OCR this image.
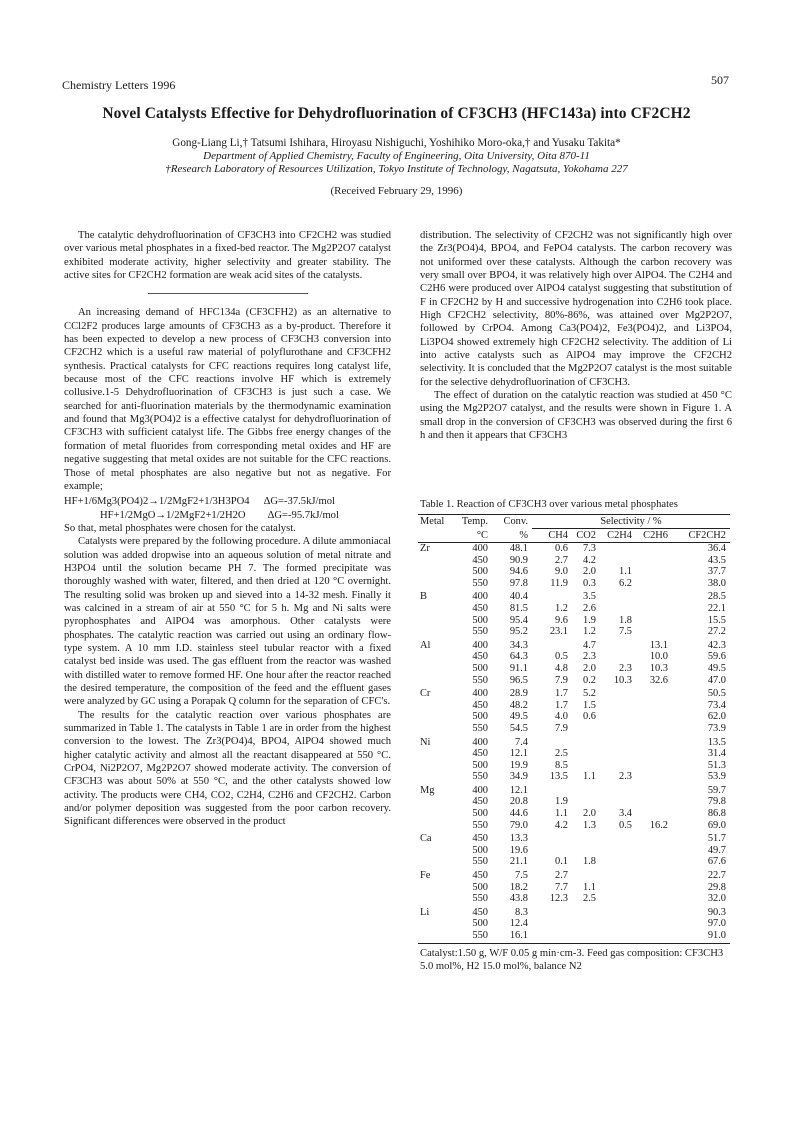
Chemistry Letters 1996	507
Novel Catalysts Effective for Dehydrofluorination of CF3CH3 (HFC143a) into CF2CH2
Gong-Liang Li,† Tatsumi Ishihara, Hiroyasu Nishiguchi, Yoshihiko Moro-oka,† and Yusaku Takita*
Department of Applied Chemistry, Faculty of Engineering, Oita University, Oita 870-11
†Research Laboratory of Resources Utilization, Tokyo Institute of Technology, Nagatsuta, Yokohama 227
(Received February 29, 1996)

The catalytic dehydrofluorination of CF3CH3 into CF2CH2 was studied over various metal phosphates in a fixed-bed reactor. The Mg2P2O7 catalyst exhibited moderate activity, higher selectivity and greater stability. The active sites for CF2CH2 formation are weak acid sites of the catalysts.

An increasing demand of HFC134a (CF3CFH2) as an alternative to CCl2F2 produces large amounts of CF3CH3 as a by-product. Therefore it has been expected to develop a new process of CF3CH3 conversion into CF2CH2 which is a useful raw material of polyflurothane and CF3CFH2 synthesis. Practical catalysts for CFC reactions requires long catalyst life, because most of the CFC reactions involve HF which is extremely collusive.1-5 Dehydrofluorination of CF3CH3 is just such a case. We searched for anti-fluorination materials by the thermodynamic examination and found that Mg3(PO4)2 is a effective catalyst for dehydrofluorination of CF3CH3 with sufficient catalyst life. The Gibbs free energy changes of the formation of metal fluorides from corresponding metal oxides and HF are negative suggesting that metal oxides are not suitable for the CFC reactions. Those of metal phosphates are also negative but not as negative. For example;

HF+1/6Mg3(PO4)2→1/2MgF2+1/3H3PO4 ΔG=-37.5kJ/mol
HF+1/2MgO→1/2MgF2+1/2H2O ΔG=-95.7kJ/mol

So that, metal phosphates were chosen for the catalyst.

Catalysts were prepared by the following procedure. A dilute ammoniacal solution was added dropwise into an aqueous solution of metal nitrate and H3PO4 until the solution became PH 7. The formed precipitate was thoroughly washed with water, filtered, and then dried at 120 °C overnight. The resulting solid was broken up and sieved into a 14-32 mesh. Finally it was calcined in a stream of air at 550 °C for 5 h. Mg and Ni salts were pyrophosphates and AlPO4 was amorphous. Other catalysts were phosphates. The catalytic reaction was carried out using an ordinary flow-type system. A 10 mm I.D. stainless steel tubular reactor with a fixed catalyst bed inside was used. The gas effluent from the reactor was washed with distilled water to remove formed HF. One hour after the reactor reached the desired temperature, the composition of the feed and the effluent gases were analyzed by GC using a Porapak Q column for the separation of CFC's.

The results for the catalytic reaction over various phosphates are summarized in Table 1. The catalysts in Table 1 are in order from the highest conversion to the lowest. The Zr3(PO4)4, BPO4, AlPO4 showed much higher catalytic activity and almost all the reactant disappeared at 550 °C. CrPO4, Ni2P2O7, Mg2P2O7 showed moderate activity. The conversion of CF3CH3 was about 50% at 550 °C, and the other catalysts showed low activity. The products were CH4, CO2, C2H4, C2H6 and CF2CH2. Carbon and/or polymer deposition was suggested from the poor carbon recovery. Significant differences were observed in the product

distribution. The selectivity of CF2CH2 was not significantly high over the Zr3(PO4)4, BPO4, and FePO4 catalysts. The carbon recovery was not uniformed over these catalysts. Although the carbon recovery was very small over BPO4, it was relatively high over AlPO4. The C2H4 and C2H6 were produced over AlPO4 catalyst suggesting that substitution of F in CF2CH2 by H and successive hydrogenation into C2H6 took place. High CF2CH2 selectivity, 80%-86%, was attained over Mg2P2O7, followed by CrPO4. Among Ca3(PO4)2, Fe3(PO4)2, and Li3PO4, Li3PO4 showed extremely high CF2CH2 selectivity. The addition of Li into active catalysts such as AlPO4 may improve the CF2CH2 selectivity. It is concluded that the Mg2P2O7 catalyst is the most suitable for the selective dehydrofluorination of CF3CH3.

The effect of duration on the catalytic reaction was studied at 450 °C using the Mg2P2O7 catalyst, and the results were shown in Figure 1. A small drop in the conversion of CF3CH3 was observed during the first 6 h and then it appears that CF3CH3

Table 1. Reaction of CF3CH3 over various metal phosphates
Metal	Temp.	Conv.	Selectivity / %				
	°C	%	CH4	CO2	C2H4	C2H6	CF2CH2
Zr	400	48.1	0.6	7.3			36.4
	450	90.9	2.7	4.2			43.5
	500	94.6	9.0	2.0	1.1		37.7
	550	97.8	11.9	0.3	6.2		38.0
B	400	40.4		3.5			28.5
	450	81.5	1.2	2.6			22.1
	500	95.4	9.6	1.9	1.8		15.5
	550	95.2	23.1	1.2	7.5		27.2
Al	400	34.3		4.7		13.1	42.3
	450	64.3	0.5	2.3		10.0	59.6
	500	91.1	4.8	2.0	2.3	10.3	49.5
	550	96.5	7.9	0.2	10.3	32.6	47.0
Cr	400	28.9	1.7	5.2			50.5
	450	48.2	1.7	1.5			73.4
	500	49.5	4.0	0.6			62.0
	550	54.5	7.9				73.9
Ni	400	7.4					13.5
	450	12.1	2.5				31.4
	500	19.9	8.5				51.3
	550	34.9	13.5	1.1	2.3		53.9
Mg	400	12.1					59.7
	450	20.8	1.9				79.8
	500	44.6	1.1	2.0	3.4		86.8
	550	79.0	4.2	1.3	0.5	16.2	69.0
Ca	450	13.3					51.7
	500	19.6					49.7
	550	21.1	0.1	1.8			67.6
Fe	450	7.5	2.7				22.7
	500	18.2	7.7	1.1			29.8
	550	43.8	12.3	2.5			32.0
Li	450	8.3					90.3
	500	12.4					97.0
	550	16.1					91.0
Catalyst:1.50 g, W/F 0.05 g min·cm-3. Feed gas composition: CF3CH3 5.0 mol%, H2 15.0 mol%, balance N2
